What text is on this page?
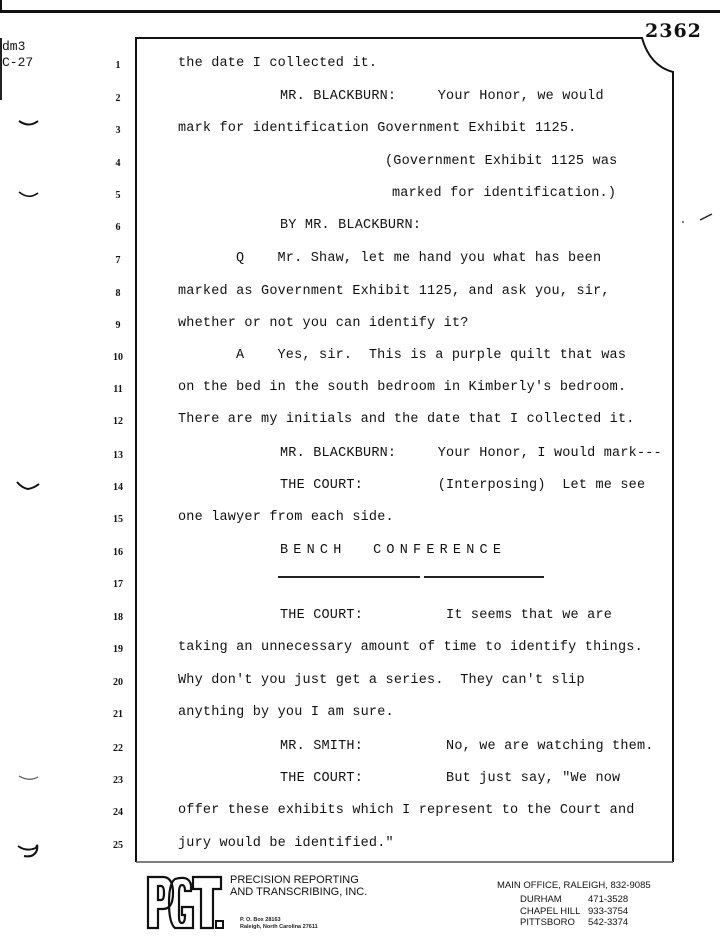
dm3
C-27
2362
1
2
3
4
5
6
7
8
9
10
11
12
13
14
15
16
17
18
19
20
21
22
23
24
25
the date I collected it.
MR. BLACKBURN:     Your Honor, we would
mark for identification Government Exhibit 1125.
(Government Exhibit 1125 was
marked for identification.)
BY MR. BLACKBURN:
Q    Mr. Shaw, let me hand you what has been
marked as Government Exhibit 1125, and ask you, sir,
whether or not you can identify it?
A    Yes, sir.  This is a purple quilt that was
on the bed in the south bedroom in Kimberly's bedroom.
There are my initials and the date that I collected it.
MR. BLACKBURN:     Your Honor, I would mark---
THE COURT:         (Interposing)  Let me see
one lawyer from each side.
BENCH  CONFERENCE
THE COURT:          It seems that we are
taking an unnecessary amount of time to identify things.
Why don't you just get a series.  They can't slip
anything by you I am sure.
MR. SMITH:          No, we are watching them.
THE COURT:          But just say, "We now
offer these exhibits which I represent to the Court and
jury would be identified."
PRECISION REPORTING
AND TRANSCRIBING, INC.
P. O. Box 28163
Raleigh, North Carolina 27611
MAIN OFFICE, RALEIGH, 832-9085
DURHAM	471-3528
CHAPEL HILL 933-3754
PITTSBORO	542-3374
